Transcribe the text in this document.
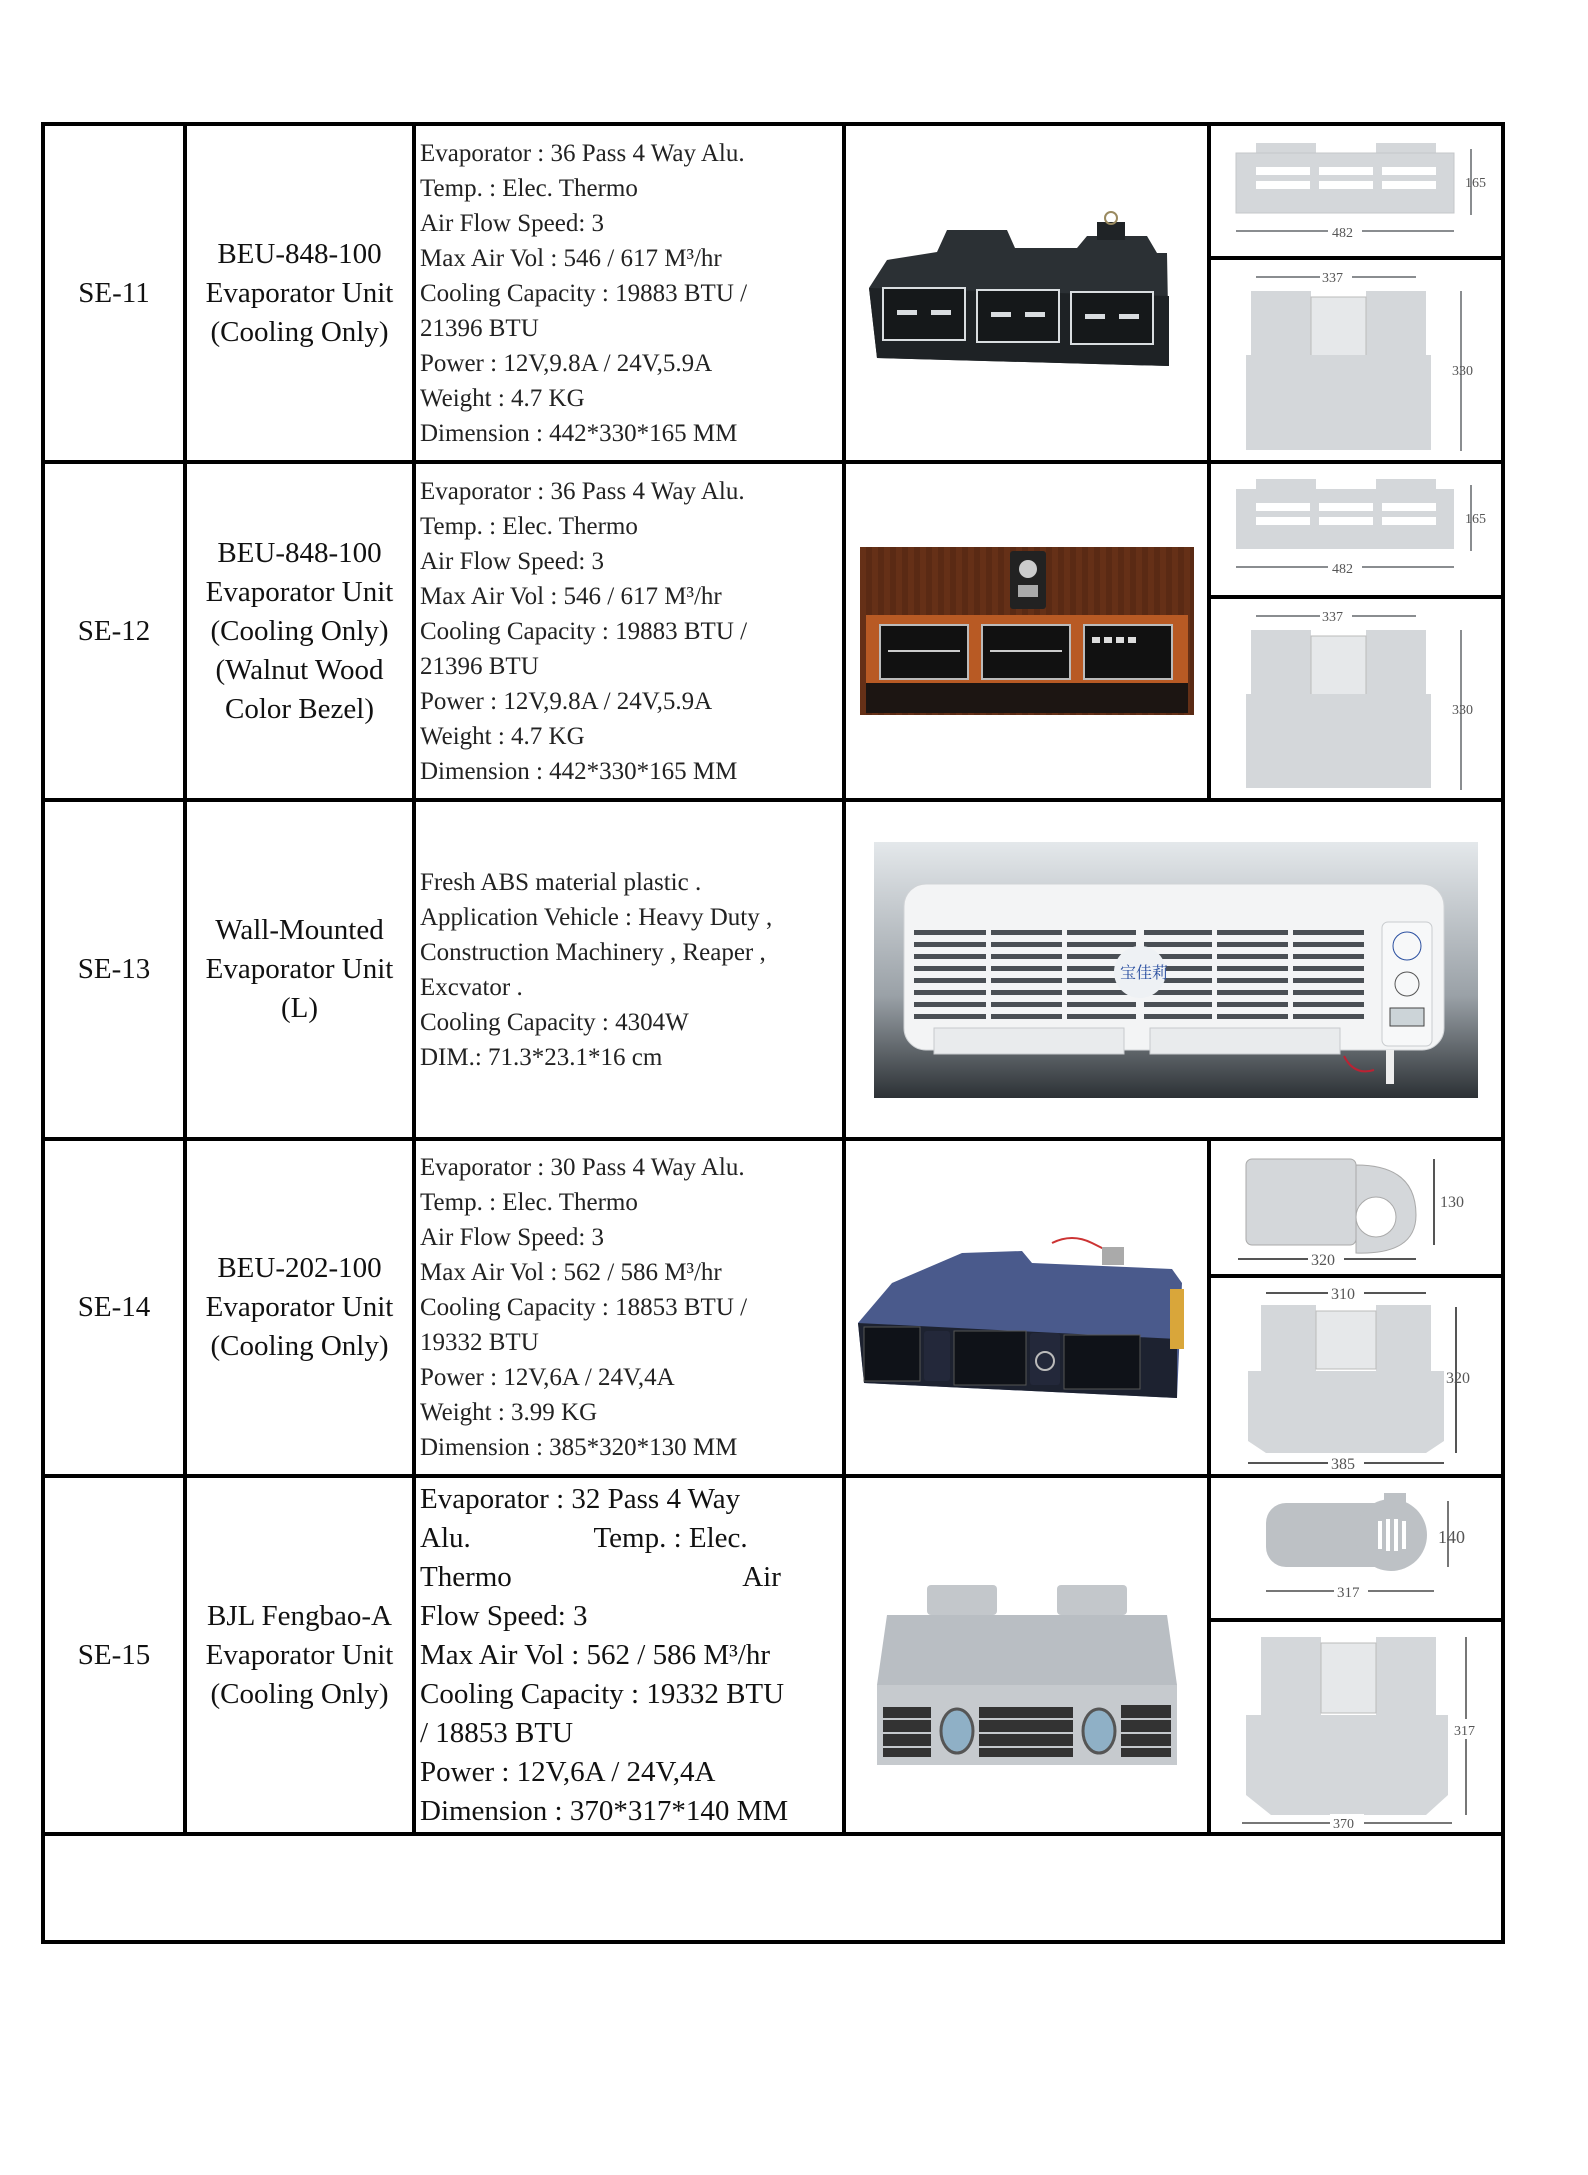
SE-11
BEU-848-100
Evaporator Unit
(Cooling Only)
Evaporator : 36 Pass 4 Way Alu.
Temp. : Elec. Thermo
Air Flow Speed: 3
Max Air Vol : 546 / 617 M³/hr
Cooling Capacity : 19883 BTU /
21396 BTU
Power : 12V,9.8A / 24V,5.9A
Weight : 4.7 KG
Dimension : 442*330*165 MM
165
482
337
330
SE-12
BEU-848-100
Evaporator Unit
(Cooling Only)
(Walnut Wood
Color Bezel)
Evaporator : 36 Pass 4 Way Alu.
Temp. : Elec. Thermo
Air Flow Speed: 3
Max Air Vol : 546 / 617 M³/hr
Cooling Capacity : 19883 BTU /
21396 BTU
Power : 12V,9.8A / 24V,5.9A
Weight : 4.7 KG
Dimension : 442*330*165 MM
165
482
337
330
SE-13
Wall-Mounted
Evaporator Unit
(L)
Fresh ABS material plastic .
Application Vehicle : Heavy Duty ,
Construction Machinery , Reaper ,
Excvator .
Cooling Capacity : 4304W
DIM.: 71.3*23.1*16 cm
宝佳莉
SE-14
BEU-202-100
Evaporator Unit
(Cooling Only)
Evaporator : 30 Pass 4 Way Alu.
Temp. : Elec. Thermo
Air Flow Speed: 3
Max Air Vol : 562 / 586 M³/hr
Cooling Capacity : 18853 BTU /
19332 BTU
Power : 12V,6A / 24V,4A
Weight : 3.99 KG
Dimension : 385*320*130 MM
130
320
310
320
385
SE-15
BJL Fengbao-A
Evaporator Unit
(Cooling Only)
Evaporator : 32 Pass 4 Way
Alu.                 Temp. : Elec.
Thermo                                Air
Flow Speed: 3
Max Air Vol : 562 / 586 M³/hr
Cooling Capacity : 19332 BTU
/ 18853 BTU
Power : 12V,6A / 24V,4A
Dimension : 370*317*140 MM
140
317
317
370
